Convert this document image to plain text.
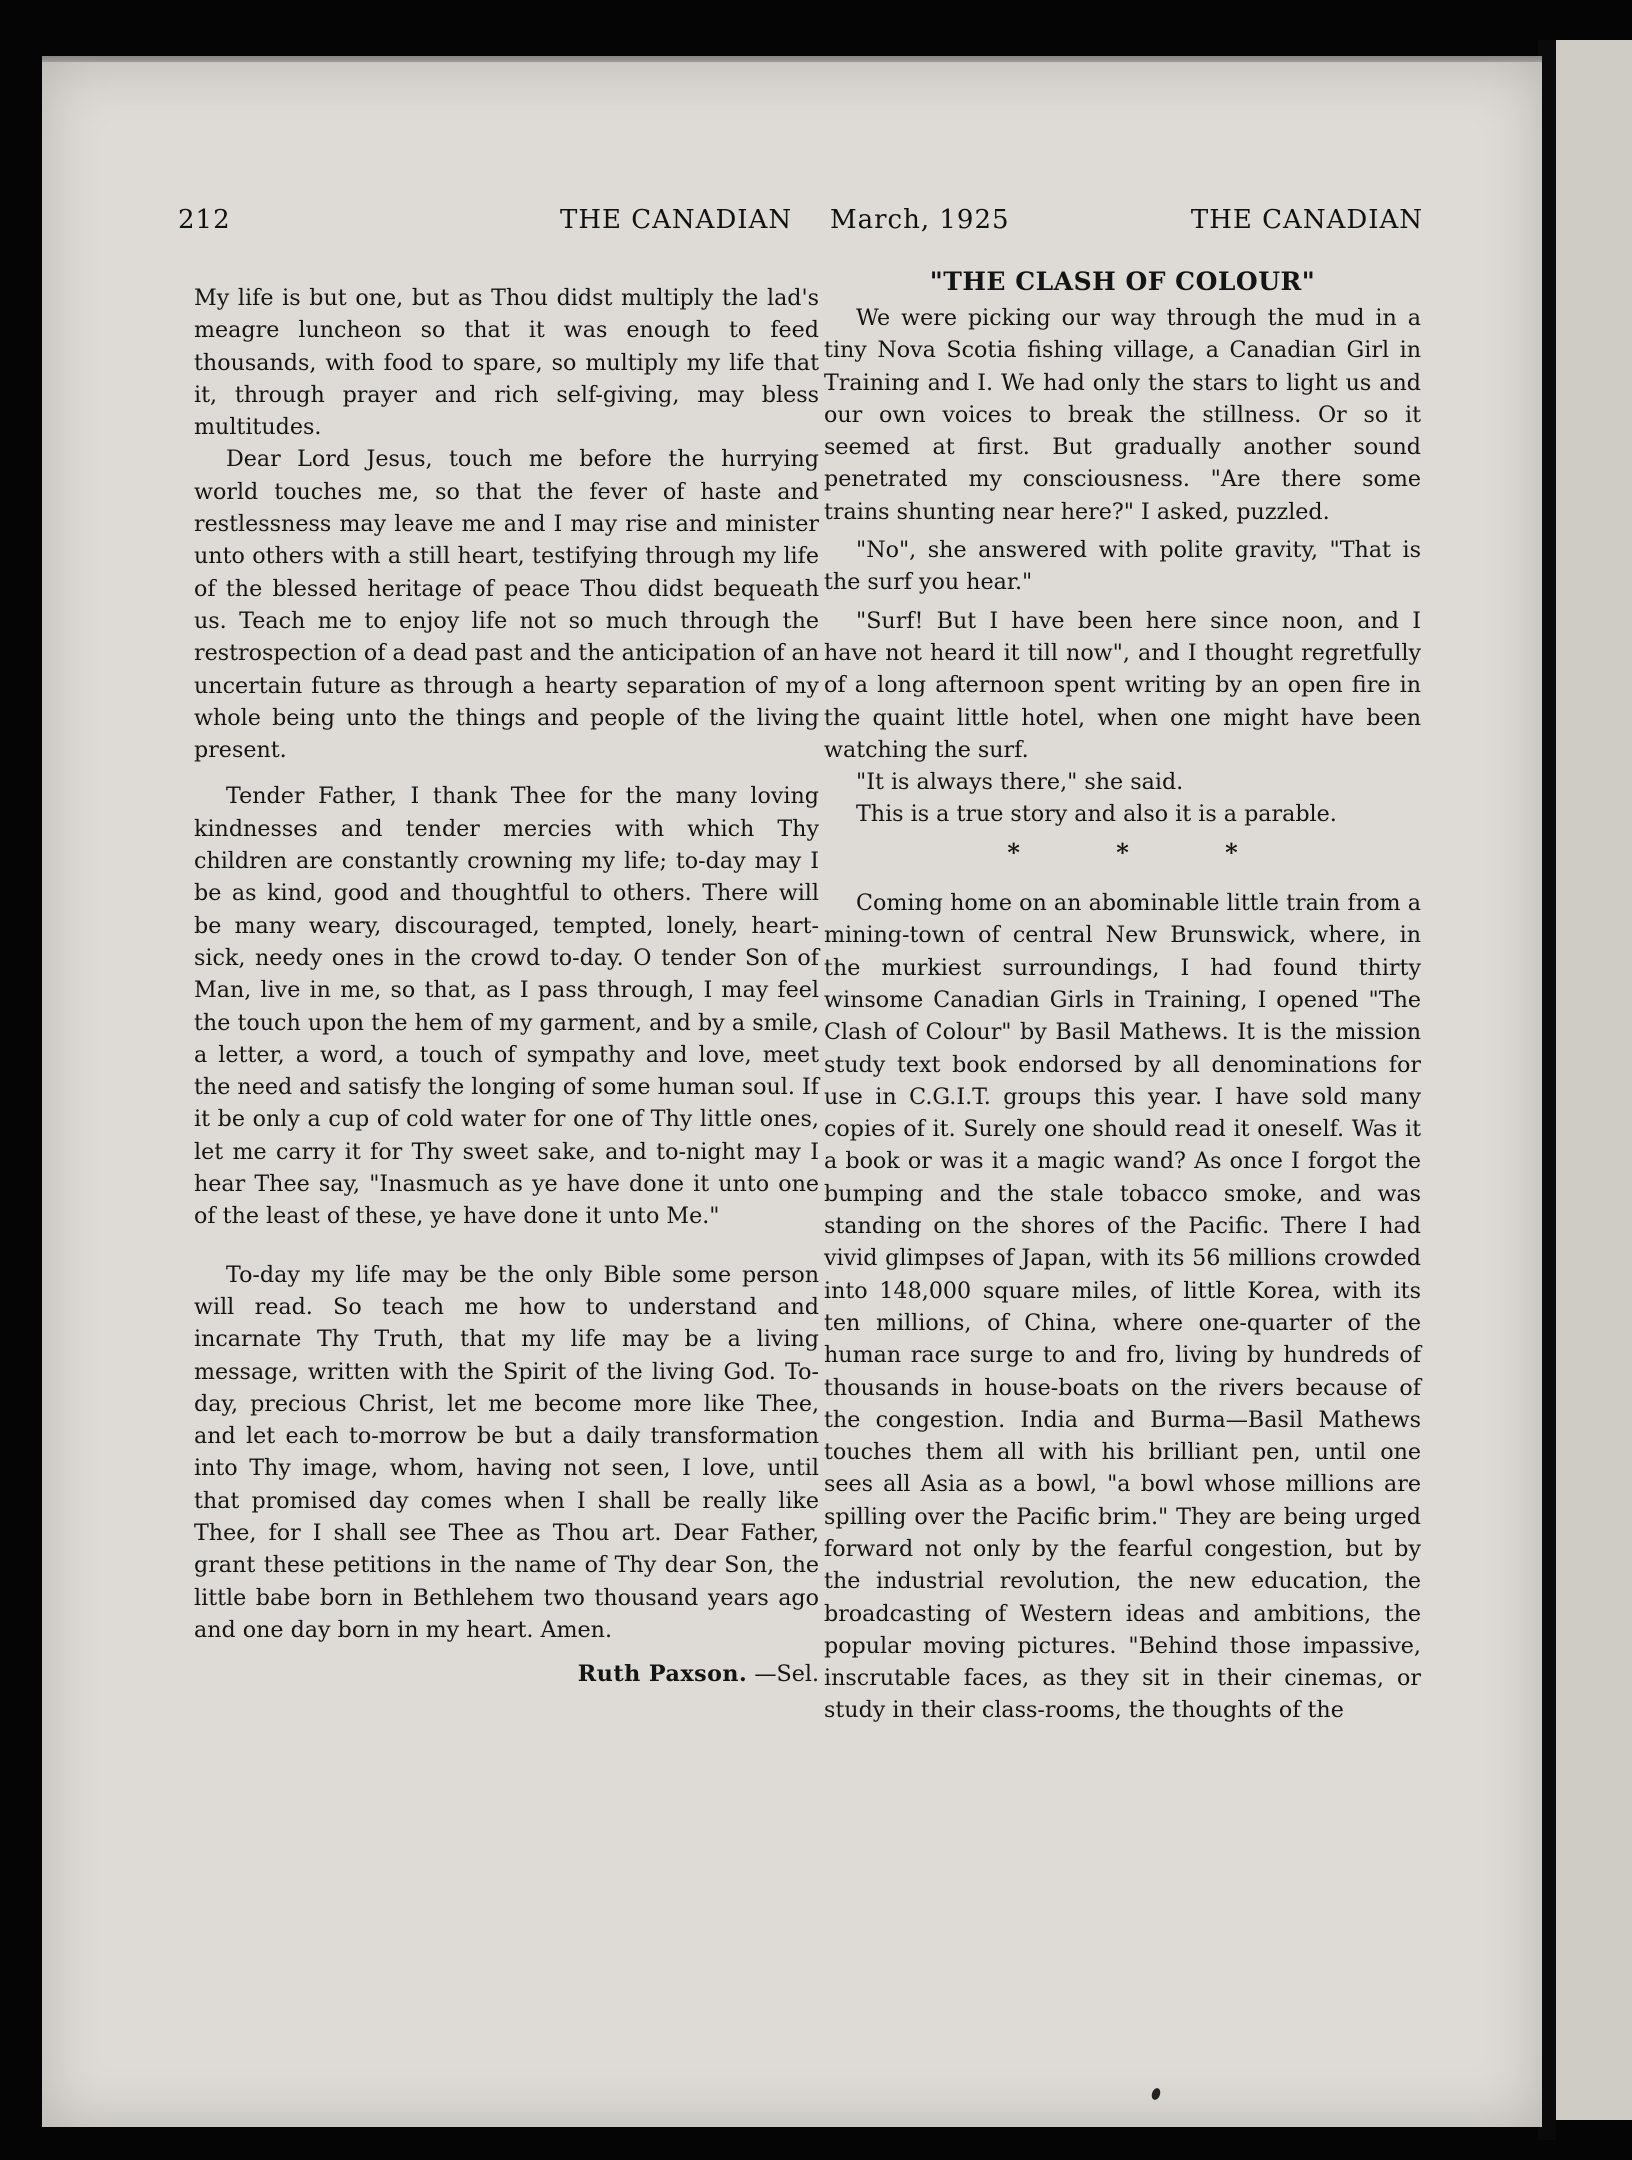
212	THE CANADIAN March, 1925	THE CANADIAN

My life is but one, but as Thou didst multiply the lad's meagre luncheon so that it was enough to feed thousands, with food to spare, so multiply my life that it, through prayer and rich self-giving, may bless multitudes.

Dear Lord Jesus, touch me before the hurrying world touches me, so that the fever of haste and restlessness may leave me and I may rise and minister unto others with a still heart, testifying through my life of the blessed heritage of peace Thou didst bequeath us. Teach me to enjoy life not so much through the restrospection of a dead past and the anticipation of an uncertain future as through a hearty separation of my whole being unto the things and people of the living present.

Tender Father, I thank Thee for the many loving kindnesses and tender mercies with which Thy children are constantly crowning my life; to-day may I be as kind, good and thoughtful to others. There will be many weary, discouraged, tempted, lonely, heart-sick, needy ones in the crowd to-day. O tender Son of Man, live in me, so that, as I pass through, I may feel the touch upon the hem of my garment, and by a smile, a letter, a word, a touch of sympathy and love, meet the need and satisfy the longing of some human soul. If it be only a cup of cold water for one of Thy little ones, let me carry it for Thy sweet sake, and to-night may I hear Thee say, "Inasmuch as ye have done it unto one of the least of these, ye have done it unto Me."

To-day my life may be the only Bible some person will read. So teach me how to understand and incarnate Thy Truth, that my life may be a living message, written with the Spirit of the living God. To-day, precious Christ, let me become more like Thee, and let each to-morrow be but a daily transformation into Thy image, whom, having not seen, I love, until that promised day comes when I shall be really like Thee, for I shall see Thee as Thou art. Dear Father, grant these petitions in the name of Thy dear Son, the little babe born in Bethlehem two thousand years ago and one day born in my heart. Amen.

Ruth Paxson. —Sel.
"THE CLASH OF COLOUR"

We were picking our way through the mud in a tiny Nova Scotia fishing village, a Canadian Girl in Training and I. We had only the stars to light us and our own voices to break the stillness. Or so it seemed at first. But gradually another sound penetrated my consciousness. "Are there some trains shunting near here?" I asked, puzzled.

"No", she answered with polite gravity, "That is the surf you hear."

"Surf! But I have been here since noon, and I have not heard it till now", and I thought regretfully of a long afternoon spent writing by an open fire in the quaint little hotel, when one might have been watching the surf.

"It is always there," she said.

This is a true story and also it is a parable.

* * *

Coming home on an abominable little train from a mining-town of central New Brunswick, where, in the murkiest surroundings, I had found thirty winsome Canadian Girls in Training, I opened "The Clash of Colour" by Basil Mathews. It is the mission study text book endorsed by all denominations for use in C.G.I.T. groups this year. I have sold many copies of it. Surely one should read it oneself. Was it a book or was it a magic wand? As once I forgot the bumping and the stale tobacco smoke, and was standing on the shores of the Pacific. There I had vivid glimpses of Japan, with its 56 millions crowded into 148,000 square miles, of little Korea, with its ten millions, of China, where one-quarter of the human race surge to and fro, living by hundreds of thousands in house-boats on the rivers because of the congestion. India and Burma—Basil Mathews touches them all with his brilliant pen, until one sees all Asia as a bowl, "a bowl whose millions are spilling over the Pacific brim." They are being urged forward not only by the fearful congestion, but by the industrial revolution, the new education, the broadcasting of Western ideas and ambitions, the popular moving pictures. "Behind those impassive, inscrutable faces, as they sit in their cinemas, or study in their class-rooms, the thoughts of the
